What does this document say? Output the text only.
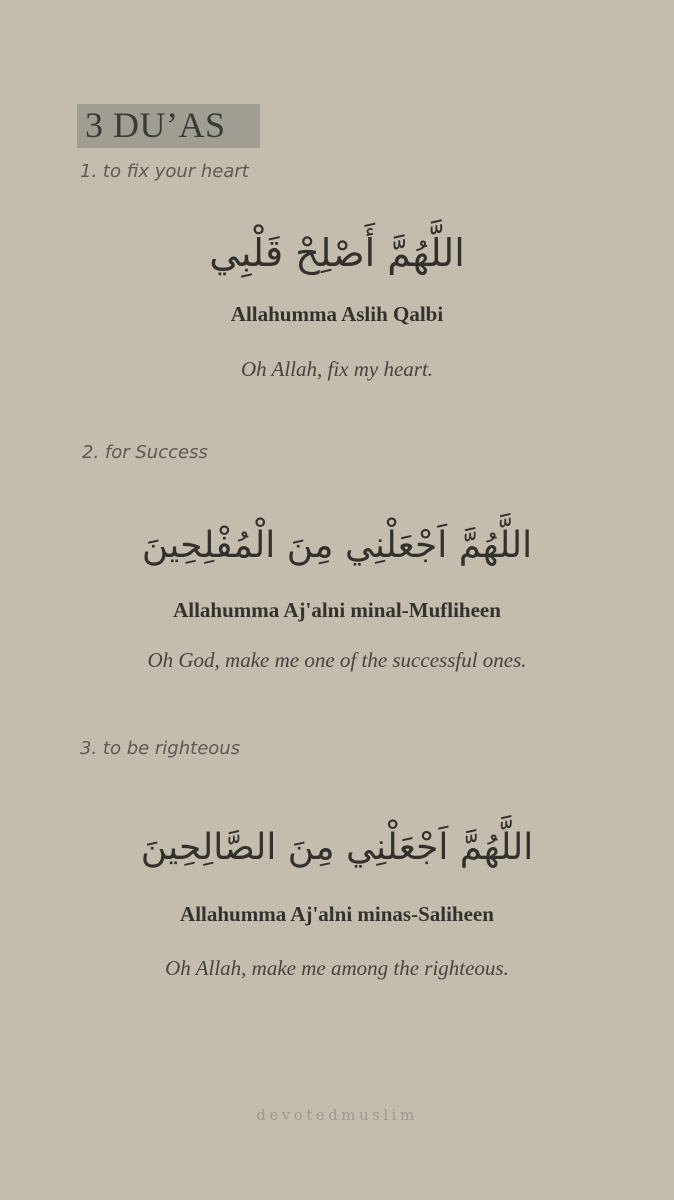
3 DU’AS
1. to fix your heart
اللَّهُمَّ أَصْلِحْ قَلْبِي
Allahumma Aslih Qalbi
Oh Allah, fix my heart.
2. for Success
اللَّهُمَّ اَجْعَلْنِي مِنَ الْمُفْلِحِينَ
Allahumma Aj'alni minal-Mufliheen
Oh God, make me one of the successful ones.
3. to be righteous
اللَّهُمَّ اَجْعَلْنِي مِنَ الصَّالِحِينَ
Allahumma Aj'alni minas-Saliheen
Oh Allah, make me among the righteous.
devotedmuslim
